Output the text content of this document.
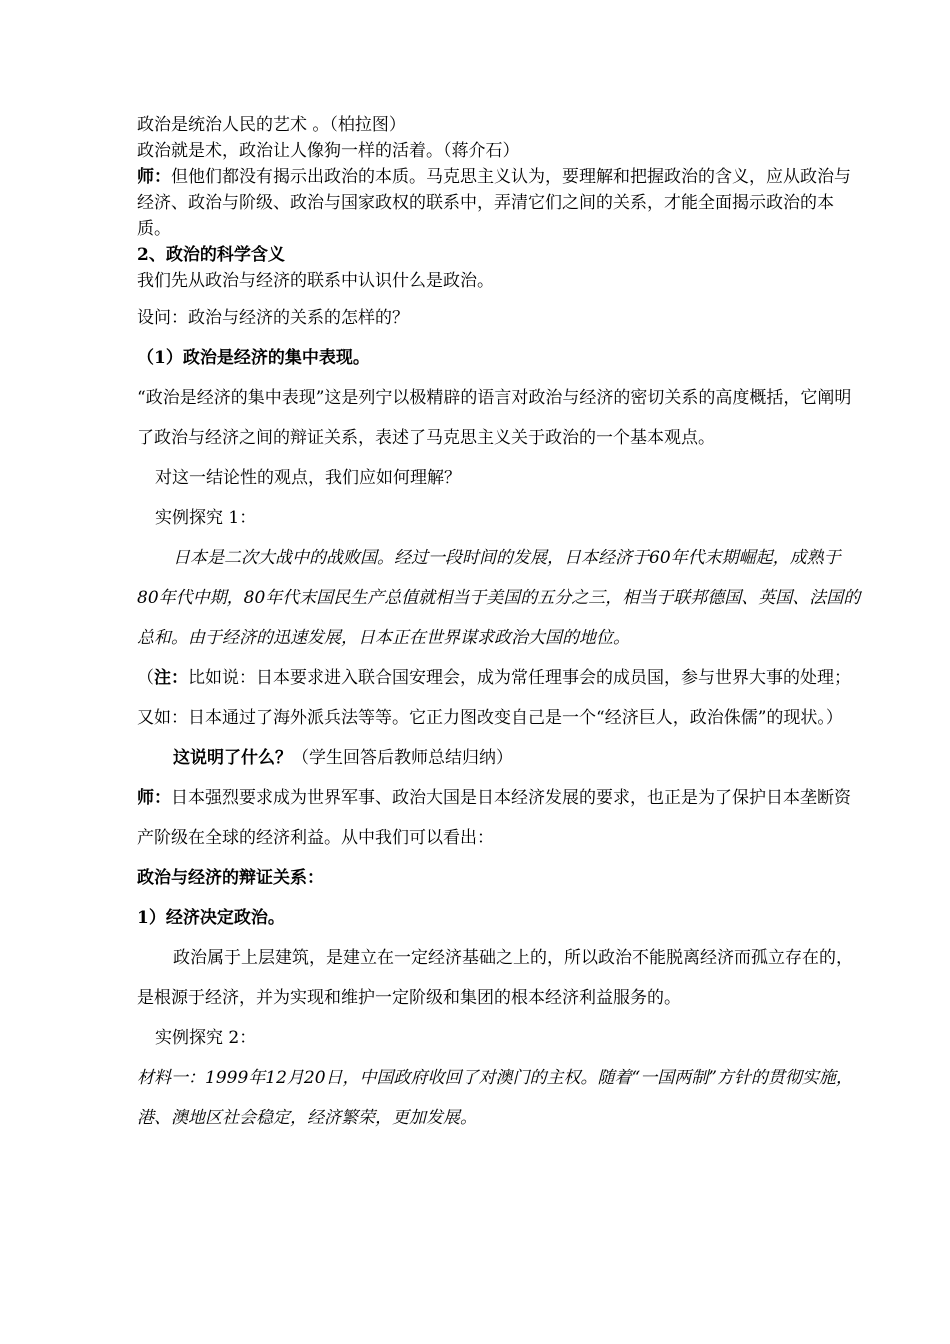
政治是统治人民的艺术 。（柏拉图）

政治就是术，政治让人像狗一样的活着。（蒋介石）

师：但他们都没有揭示出政治的本质。马克思主义认为，要理解和把握政治的含义，应从政治与经济、政治与阶级、政治与国家政权的联系中，弄清它们之间的关系，才能全面揭示政治的本质。

2、政治的科学含义

我们先从政治与经济的联系中认识什么是政治。

设问：政治与经济的关系的怎样的？

（1）政治是经济的集中表现。

“政治是经济的集中表现”这是列宁以极精辟的语言对政治与经济的密切关系的高度概括，它阐明了政治与经济之间的辩证关系，表述了马克思主义关于政治的一个基本观点。

对这一结论性的观点，我们应如何理解？

实例探究 1：

日本是二次大战中的战败国。经过一段时间的发展，日本经济于60年代末期崛起，成熟于80年代中期，80年代末国民生产总值就相当于美国的五分之三，相当于联邦德国、英国、法国的总和。由于经济的迅速发展，日本正在世界谋求政治大国的地位。

（注：比如说：日本要求进入联合国安理会，成为常任理事会的成员国，参与世界大事的处理；又如：日本通过了海外派兵法等等。它正力图改变自己是一个“经济巨人，政治侏儒”的现状。）

这说明了什么？（学生回答后教师总结归纳）

师：日本强烈要求成为世界军事、政治大国是日本经济发展的要求，也正是为了保护日本垄断资产阶级在全球的经济利益。从中我们可以看出：

政治与经济的辩证关系：

1）经济决定政治。

政治属于上层建筑，是建立在一定经济基础之上的，所以政治不能脱离经济而孤立存在的，是根源于经济，并为实现和维护一定阶级和集团的根本经济利益服务的。

实例探究 2：

材料一：1999年12月20日，中国政府收回了对澳门的主权。随着“一国两制”方针的贯彻实施，港、澳地区社会稳定，经济繁荣，更加发展。
